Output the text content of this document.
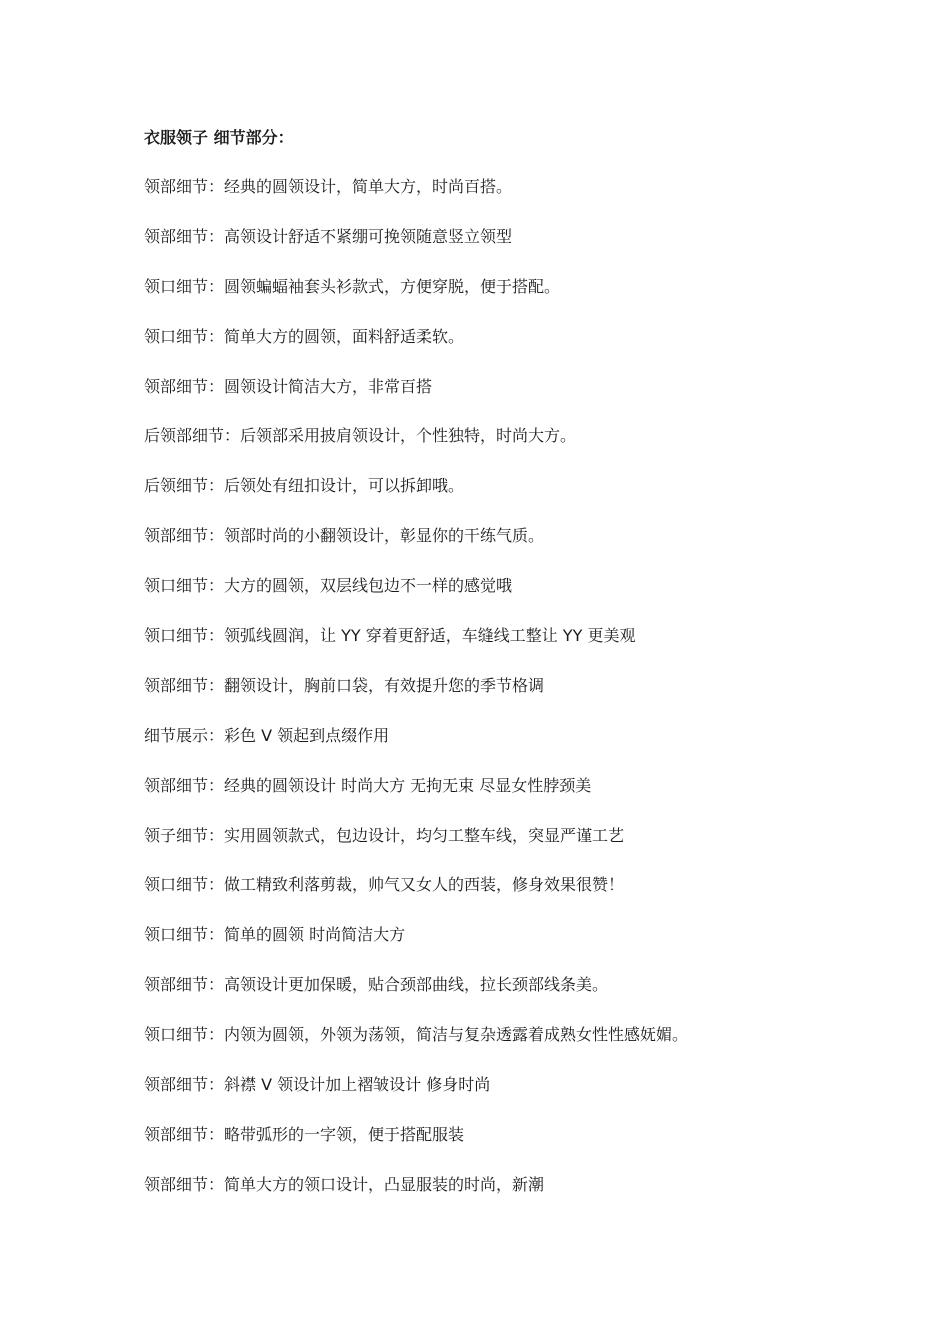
衣服领子 细节部分：
领部细节：经典的圆领设计，简单大方，时尚百搭。
领部细节：高领设计舒适不紧绷可挽领随意竖立领型
领口细节：圆领蝙蝠袖套头衫款式，方便穿脱，便于搭配。
领口细节：简单大方的圆领，面料舒适柔软。
领部细节：圆领设计简洁大方，非常百搭
后领部细节：后领部采用披肩领设计，个性独特，时尚大方。
后领细节：后领处有纽扣设计，可以拆卸哦。
领部细节：领部时尚的小翻领设计，彰显你的干练气质。
领口细节：大方的圆领，双层线包边不一样的感觉哦
领口细节：领弧线圆润，让 YY 穿着更舒适，车缝线工整让 YY 更美观
领部细节：翻领设计，胸前口袋，有效提升您的季节格调
细节展示：彩色 V 领起到点缀作用
领部细节：经典的圆领设计 时尚大方 无拘无束 尽显女性脖颈美
领子细节：实用圆领款式，包边设计，均匀工整车线，突显严谨工艺
领口细节：做工精致利落剪裁，帅气又女人的西装，修身效果很赞！
领口细节：简单的圆领 时尚简洁大方
领部细节：高领设计更加保暖，贴合颈部曲线，拉长颈部线条美。
领口细节：内领为圆领，外领为荡领，简洁与复杂透露着成熟女性性感妩媚。
领部细节：斜襟 V 领设计加上褶皱设计 修身时尚
领部细节：略带弧形的一字领，便于搭配服装
领部细节：简单大方的领口设计，凸显服装的时尚，新潮
